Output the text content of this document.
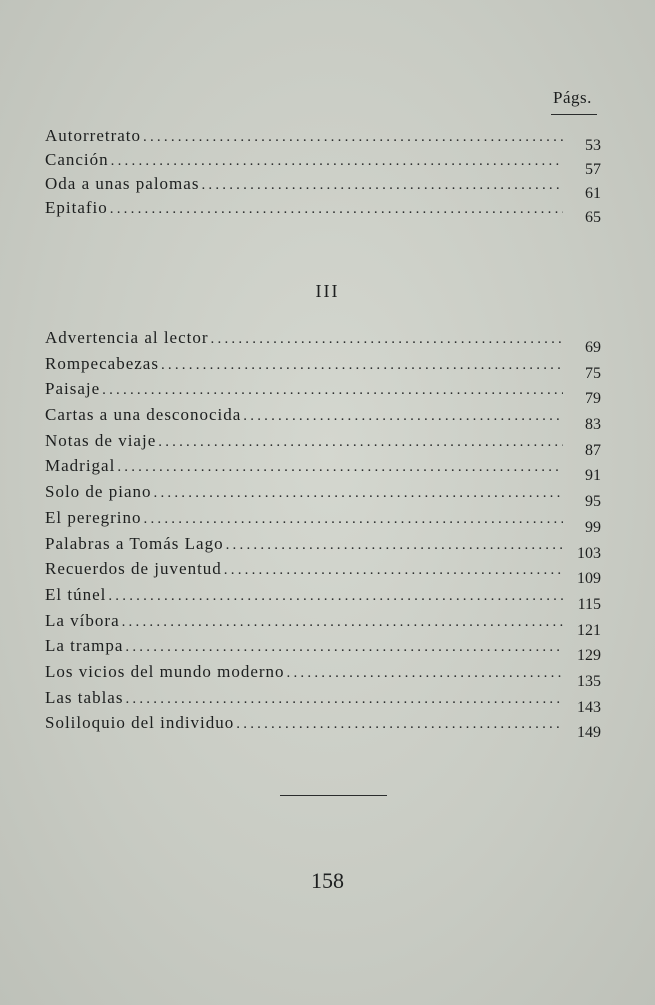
Págs.
Autorretrato
.....
53
Canción
.....
57
Oda a unas palomas
.....
61
Epitafio
.....
65
III
Advertencia al lector
.....
69
Rompecabezas
.....
75
Paisaje
.....
79
Cartas a una desconocida
.....
83
Notas de viaje
.....
87
Madrigal
.....
91
Solo de piano
.....
95
El peregrino
.....
99
Palabras a Tomás Lago
.....
103
Recuerdos de juventud
.....
109
El túnel
.....
115
La víbora
.....
121
La trampa
.....
129
Los vicios del mundo moderno
.....
135
Las tablas
.....
143
Soliloquio del individuo
.....
149
158
